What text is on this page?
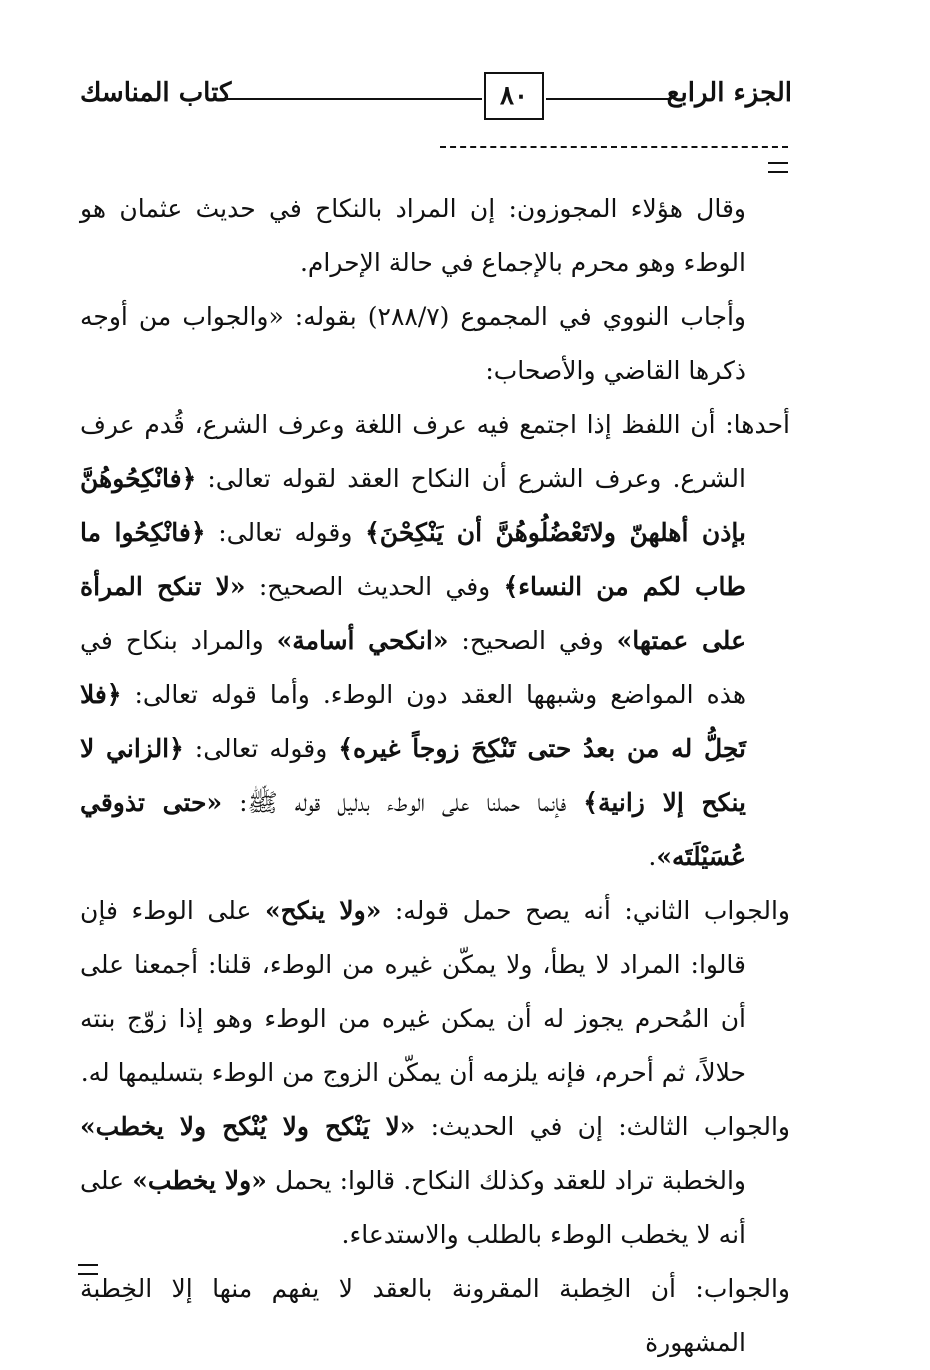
كتاب المناسك	٨٠	الجزء الرابع

وقال هؤلاء المجوزون: إن المراد بالنكاح في حديث عثمان هو الوطء وهو محرم بالإجماع في حالة الإحرام.

وأجاب النووي في المجموع (٢٨٨/٧) بقوله: «والجواب من أوجه ذكرها القاضي والأصحاب:

أحدها: أن اللفظ إذا اجتمع فيه عرف اللغة وعرف الشرع، قُدم عرف الشرع. وعرف الشرع أن النكاح العقد لقوله تعالى: ﴿فانْكِحُوهُنَّ بإذن أهلهنّ ولاتَعْضُلُوهُنَّ أن يَنْكِحْنَ﴾ وقوله تعالى: ﴿فانْكِحُوا ما طاب لكم من النساء﴾ وفي الحديث الصحيح: «لا تنكح المرأة على عمتها» وفي الصحيح: «انكحي أسامة» والمراد بنكاح في هذه المواضع وشبهها العقد دون الوطء. وأما قوله تعالى: ﴿فلا تَحِلُّ له من بعدُ حتى تَنْكِحَ زوجاً غيره﴾ وقوله تعالى: ﴿الزاني لا ينكح إلا زانية﴾ فإنما حملنا على الوطء بدليل قوله ﷺ: «حتى تذوقي عُسَيْلَتَه».

والجواب الثاني: أنه يصح حمل قوله: «ولا ينكح» على الوطء فإن قالوا: المراد لا يطأ، ولا يمكّن غيره من الوطء، قلنا: أجمعنا على أن المُحرم يجوز له أن يمكن غيره من الوطء وهو إذا زوّج بنته حلالاً، ثم أحرم، فإنه يلزمه أن يمكّن الزوج من الوطء بتسليمها له.

والجواب الثالث: إن في الحديث: «لا يَنْكح ولا يُنْكح ولا يخطب» والخطبة تراد للعقد وكذلك النكاح. قالوا: يحمل «ولا يخطب» على أنه لا يخطب الوطء بالطلب والاستدعاء.

والجواب: أن الخِطبة المقرونة بالعقد لا يفهم منها إلا الخِطبة المشهورة
